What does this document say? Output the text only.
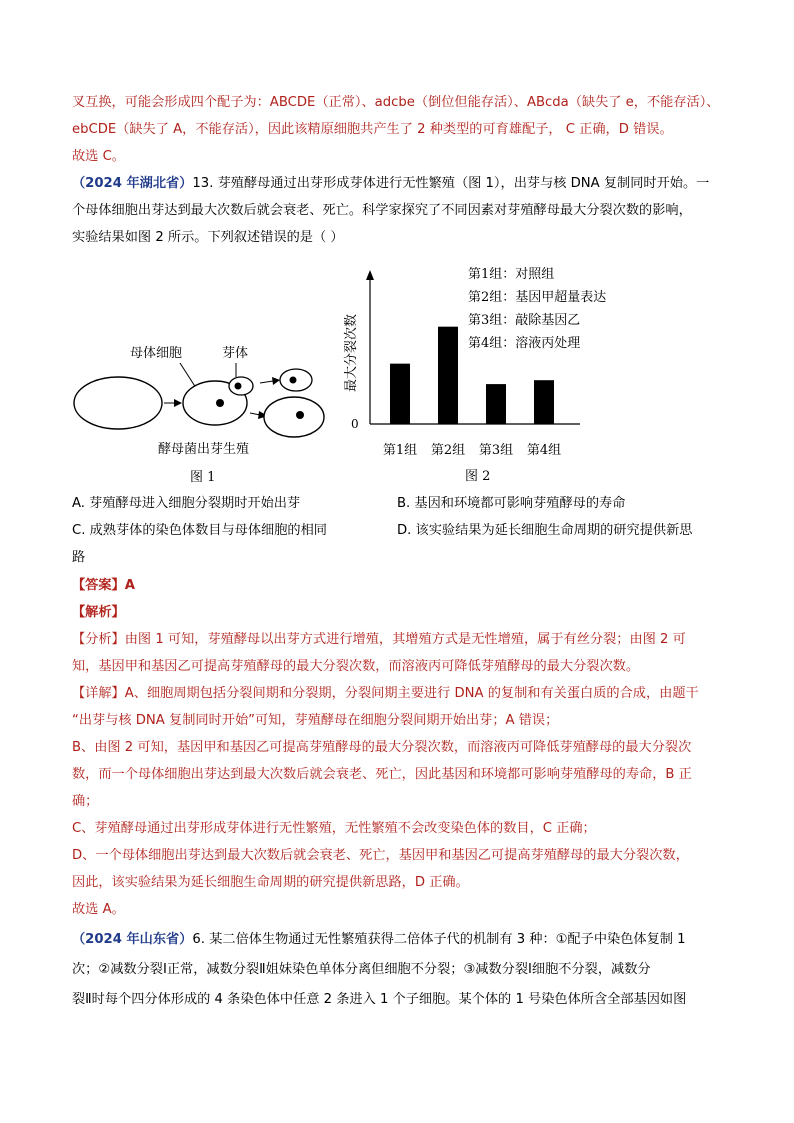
叉互换，可能会形成四个配子为：ABCDE（正常）、adcbe（倒位但能存活）、ABcda（缺失了 e，不能存活）、
ebCDE（缺失了 A，不能存活），因此该精原细胞共产生了 2 种类型的可育雄配子， C 正确，D 错误。
故选 C。
（2024 年湖北省）13. 芽殖酵母通过出芽形成芽体进行无性繁殖（图 1），出芽与核 DNA 复制同时开始。一
个母体细胞出芽达到最大次数后就会衰老、死亡。科学家探究了不同因素对芽殖酵母最大分裂次数的影响，
实验结果如图 2 所示。下列叙述错误的是（ ）
母体细胞	芽体
酵母菌出芽生殖
图 1
最大分裂次数
0
第1组：对照组
第2组：基因甲超量表达
第3组：敲除基因乙
第4组：溶液丙处理
第1组 第2组 第3组 第4组
图 2
A. 芽殖酵母进入细胞分裂期时开始出芽	B. 基因和环境都可影响芽殖酵母的寿命
C. 成熟芽体的染色体数目与母体细胞的相同	D. 该实验结果为延长细胞生命周期的研究提供新思
路
【答案】A
【解析】
【分析】由图 1 可知，芽殖酵母以出芽方式进行增殖，其增殖方式是无性增殖，属于有丝分裂；由图 2 可
知，基因甲和基因乙可提高芽殖酵母的最大分裂次数，而溶液丙可降低芽殖酵母的最大分裂次数。
【详解】A、细胞周期包括分裂间期和分裂期，分裂间期主要进行 DNA 的复制和有关蛋白质的合成，由题干
“出芽与核 DNA 复制同时开始”可知，芽殖酵母在细胞分裂间期开始出芽；A 错误；
B、由图 2 可知，基因甲和基因乙可提高芽殖酵母的最大分裂次数，而溶液丙可降低芽殖酵母的最大分裂次
数，而一个母体细胞出芽达到最大次数后就会衰老、死亡，因此基因和环境都可影响芽殖酵母的寿命，B 正
确；
C、芽殖酵母通过出芽形成芽体进行无性繁殖，无性繁殖不会改变染色体的数目，C 正确；
D、一个母体细胞出芽达到最大次数后就会衰老、死亡，基因甲和基因乙可提高芽殖酵母的最大分裂次数，
因此，该实验结果为延长细胞生命周期的研究提供新思路，D 正确。
故选 A。
（2024 年山东省）6. 某二倍体生物通过无性繁殖获得二倍体子代的机制有 3 种：①配子中染色体复制 1
次；②减数分裂Ⅰ正常，减数分裂Ⅱ姐妹染色单体分离但细胞不分裂；③减数分裂Ⅰ细胞不分裂，减数分
裂Ⅱ时每个四分体形成的 4 条染色体中任意 2 条进入 1 个子细胞。某个体的 1 号染色体所含全部基因如图
